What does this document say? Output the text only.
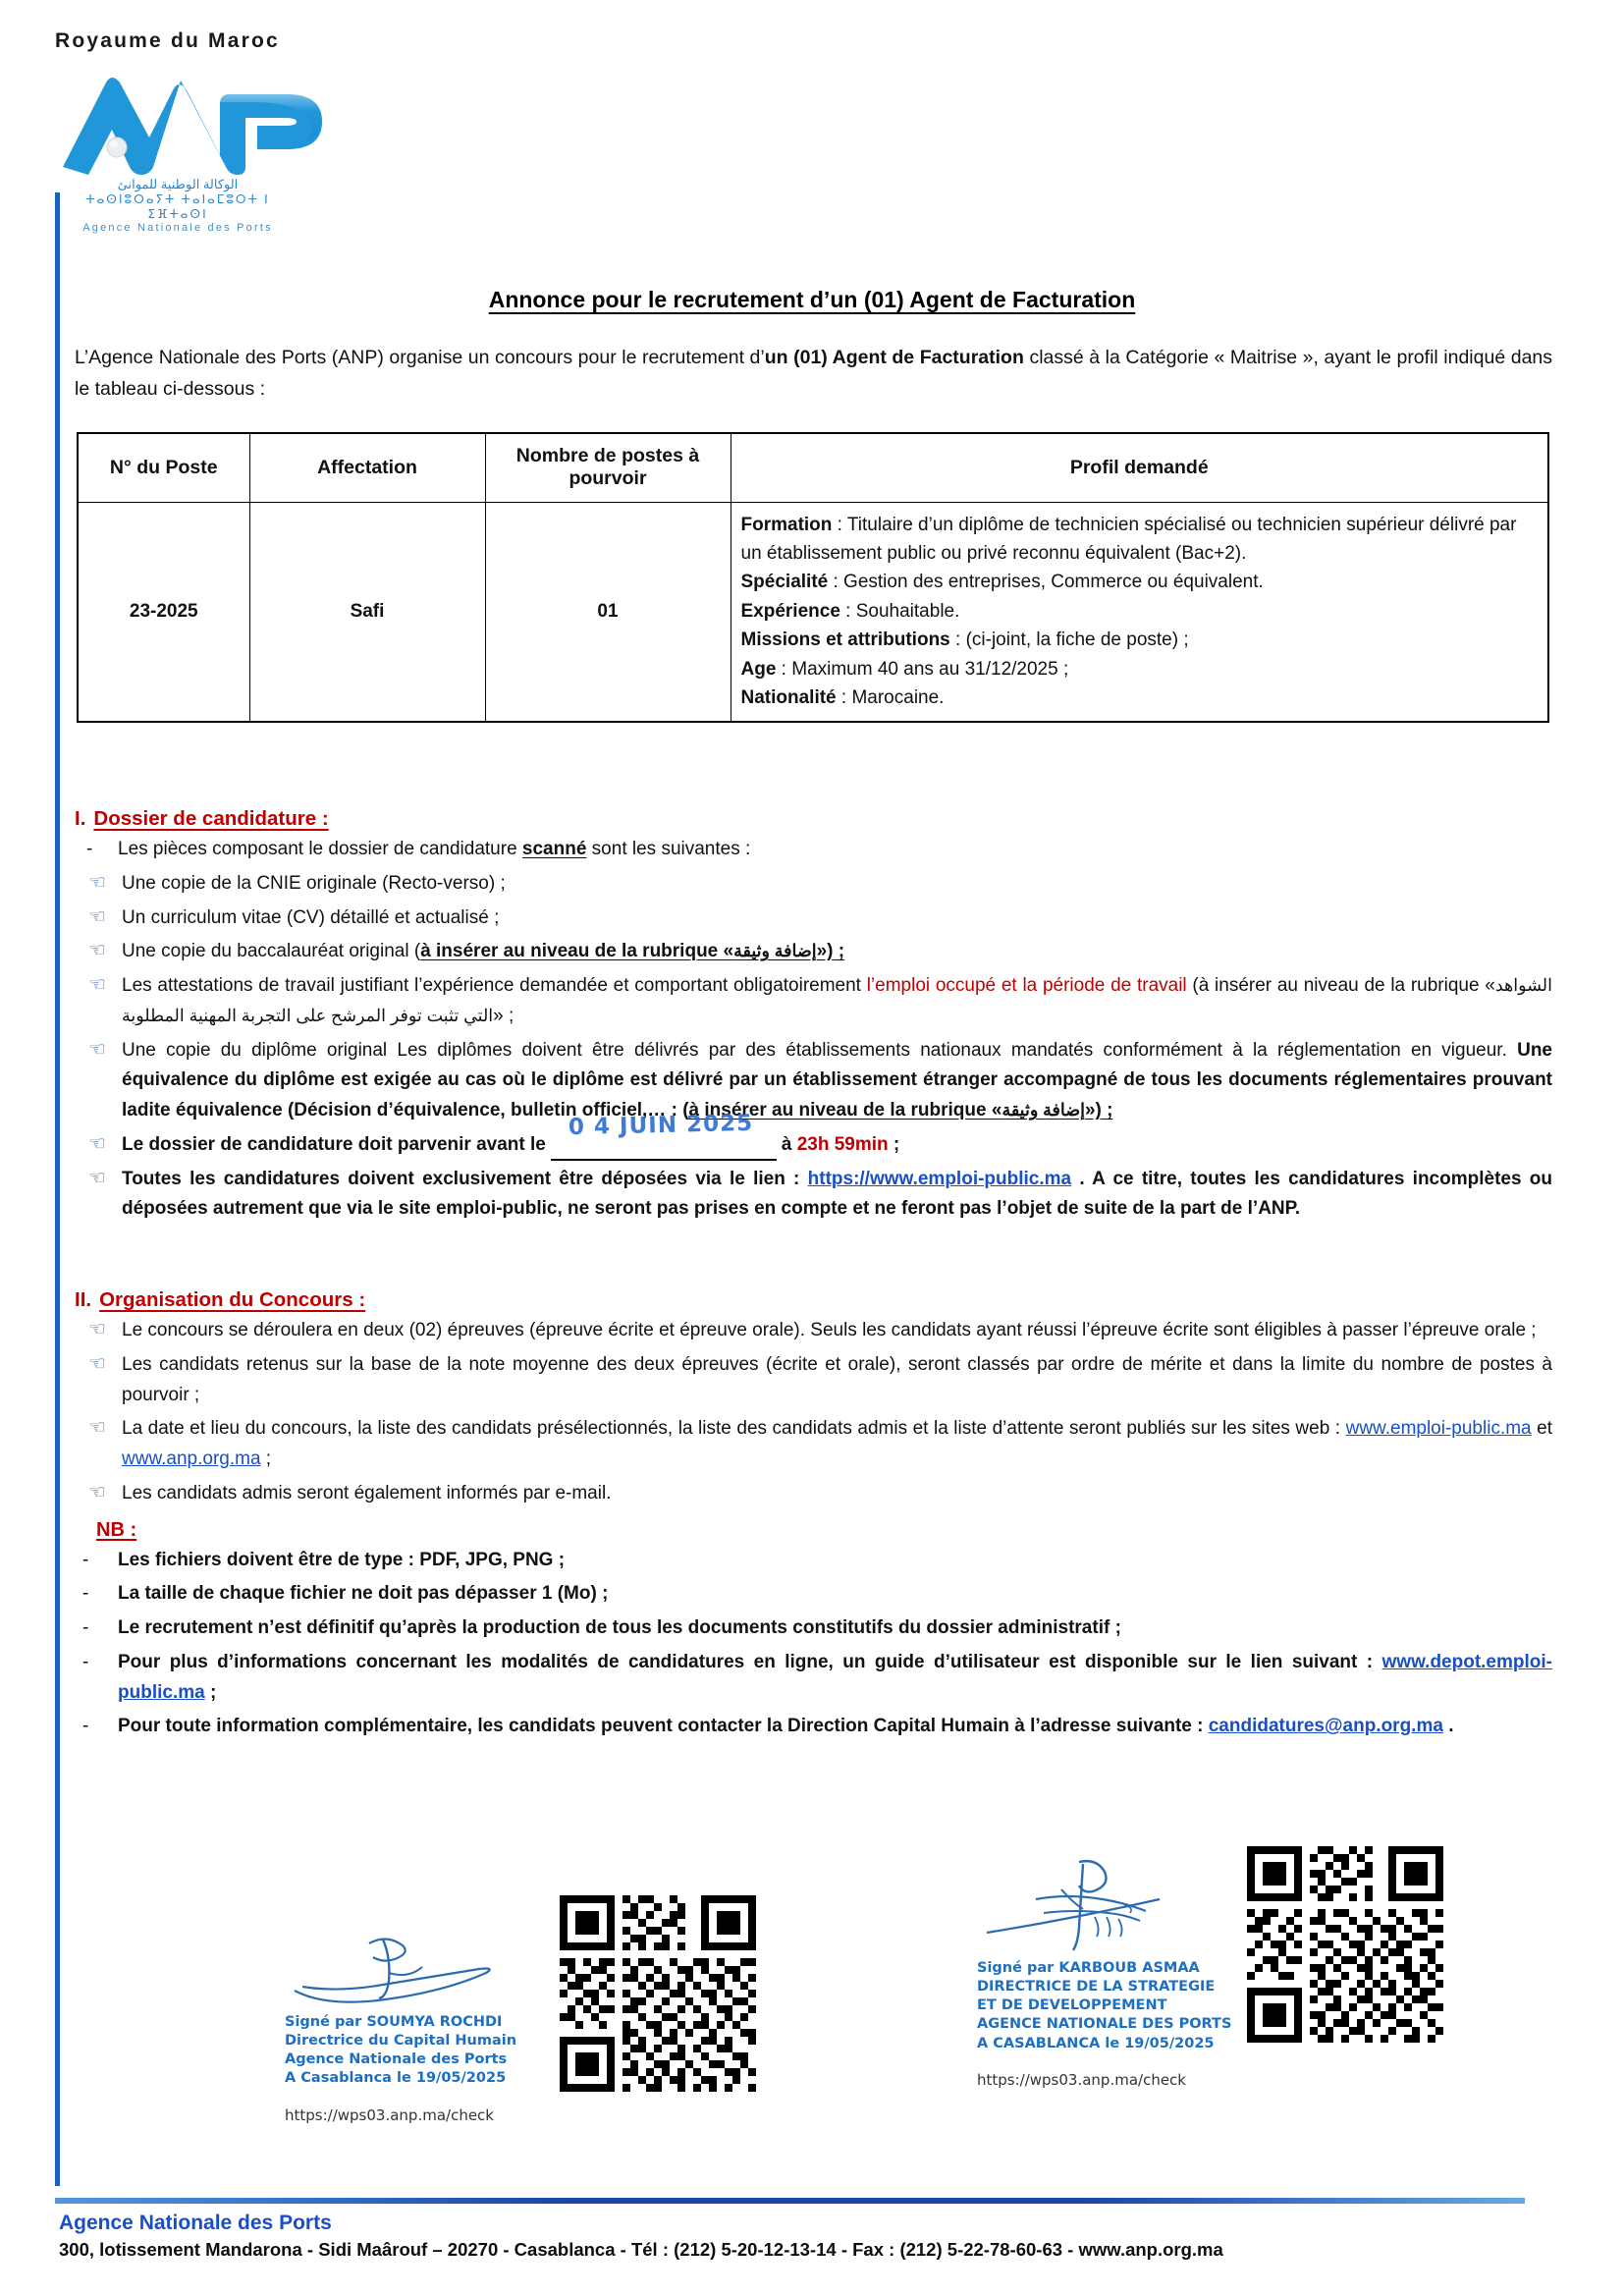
Royaume du Maroc
الوكالة الوطنية للموانئ
ⵜⴰⵙⵏⵓⵔⴰⵢⵜ ⵜⴰⵏⴰⵎⵓⵔⵜ ⵏ ⵉⴼⵜⴰⵙⵏ
Agence Nationale des Ports
Annonce pour le recrutement d’un (01) Agent de Facturation
L’Agence Nationale des Ports (ANP) organise un concours pour le recrutement d’un (01) Agent de Facturation classé à la Catégorie « Maitrise », ayant le profil indiqué dans le tableau ci-dessous :
N° du Poste	Affectation	Nombre de postes à pourvoir	Profil demandé
23-2025	Safi	01	
Formation : Titulaire d’un diplôme de technicien spécialisé ou technicien supérieur délivré par un établissement public ou privé reconnu équivalent (Bac+2).
Spécialité : Gestion des entreprises, Commerce ou équivalent.
Expérience : Souhaitable.
Missions et attributions : (ci-joint, la fiche de poste) ;
Age : Maximum 40 ans au 31/12/2025 ;
Nationalité : Marocaine.
I. Dossier de candidature :
-	Les pièces composant le dossier de candidature scanné sont les suivantes :
☜ Une copie de la CNIE originale (Recto-verso) ;
☜ Un curriculum vitae (CV) détaillé et actualisé ;
☜ Une copie du baccalauréat original (à insérer au niveau de la rubrique «إضافة وثيقة») ;
☜ Les attestations de travail justifiant l’expérience demandée et comportant obligatoirement l’emploi occupé et la période de travail (à insérer au niveau de la rubrique «الشواهد التي تثبت توفر المرشح على التجربة المهنية المطلوبة» ;
☜ Une copie du diplôme original Les diplômes doivent être délivrés par des établissements nationaux mandatés conformément à la réglementation en vigueur. Une équivalence du diplôme est exigée au cas où le diplôme est délivré par un établissement étranger accompagné de tous les documents réglementaires prouvant ladite équivalence (Décision d’équivalence, bulletin officiel,… : (à insérer au niveau de la rubrique «إضافة وثيقة») ;
☜ Le dossier de candidature doit parvenir avant le
0 4 JUIN 2025
à 23h 59min ;
☜ Toutes les candidatures doivent exclusivement être déposées via le lien : https://www.emploi-public.ma . A ce titre, toutes les candidatures incomplètes ou déposées autrement que via le site emploi-public, ne seront pas prises en compte et ne feront pas l’objet de suite de la part de l’ANP.
II. Organisation du Concours :
☜ Le concours se déroulera en deux (02) épreuves (épreuve écrite et épreuve orale). Seuls les candidats ayant réussi l’épreuve écrite sont éligibles à passer l’épreuve orale ;
☜ Les candidats retenus sur la base de la note moyenne des deux épreuves (écrite et orale), seront classés par ordre de mérite et dans la limite du nombre de postes à pourvoir ;
☜ La date et lieu du concours, la liste des candidats présélectionnés, la liste des candidats admis et la liste d’attente seront publiés sur les sites web : www.emploi-public.ma et www.anp.org.ma ;
☜ Les candidats admis seront également informés par e-mail.
NB :
-	Les fichiers doivent être de type : PDF, JPG, PNG ;
-	La taille de chaque fichier ne doit pas dépasser 1 (Mo) ;
-	Le recrutement n’est définitif qu’après la production de tous les documents constitutifs du dossier administratif ;
-	Pour plus d’informations concernant les modalités de candidatures en ligne, un guide d’utilisateur est disponible sur le lien suivant : www.depot.emploi-public.ma ;
-	Pour toute information complémentaire, les candidats peuvent contacter la Direction Capital Humain à l’adresse suivante : candidatures@anp.org.ma .
Signé par SOUMYA ROCHDI
Directrice du Capital Humain
Agence Nationale des Ports
A Casablanca le 19/05/2025
https://wps03.anp.ma/check
Signé par KARBOUB ASMAA
DIRECTRICE DE LA STRATEGIE
ET DE DEVELOPPEMENT
AGENCE NATIONALE DES PORTS
A CASABLANCA le 19/05/2025
https://wps03.anp.ma/check
Agence Nationale des Ports
300, lotissement Mandarona - Sidi Maârouf – 20270 - Casablanca - Tél : (212) 5-20-12-13-14 - Fax : (212) 5-22-78-60-63 - www.anp.org.ma
